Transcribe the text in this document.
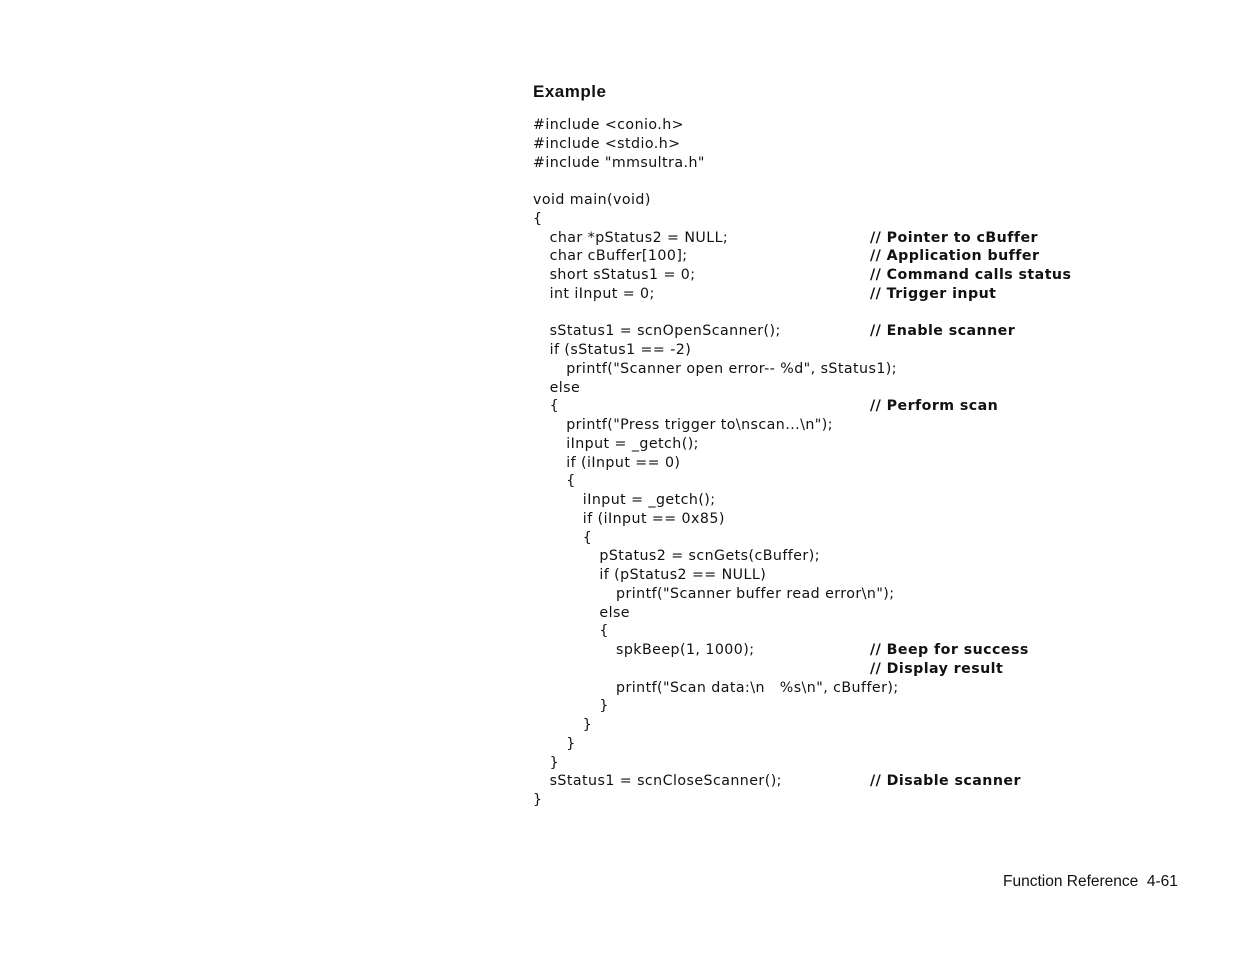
Example
#include <conio.h>
#include <stdio.h>
#include "mmsultra.h"
void main(void)
{
char *pStatus2 = NULL;	// Pointer to cBuffer
char cBuffer[100];	// Application buffer
short sStatus1 = 0;	// Command calls status
int iInput = 0;	// Trigger input
sStatus1 = scnOpenScanner();	// Enable scanner
if (sStatus1 == -2)
printf("Scanner open error-- %d", sStatus1);
else
{	// Perform scan
printf("Press trigger to\nscan...\n");
iInput = _getch();
if (iInput == 0)
{
iInput = _getch();
if (iInput == 0x85)
{
pStatus2 = scnGets(cBuffer);
if (pStatus2 == NULL)
printf("Scanner buffer read error\n");
else
{
spkBeep(1, 1000);	// Beep for success
// Display result
printf("Scan data:\n   %s\n", cBuffer);
}
}
}
}
sStatus1 = scnCloseScanner();	// Disable scanner
}
Function Reference  4-61
